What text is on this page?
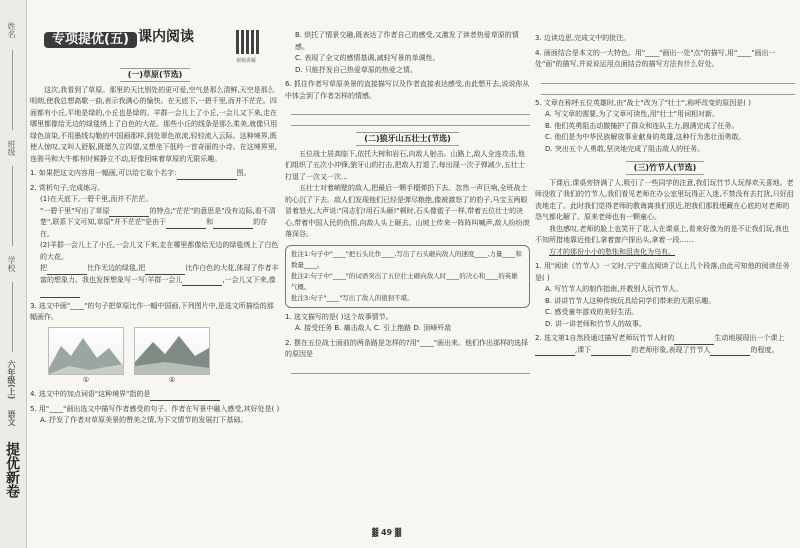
姓名
班级
学校
六年级(上)
语文
提优新卷
专项提优(五) 课内阅读
视频讲解
(一)草原(节选)

这次,我看到了草原。那里的天比别处的更可爱,空气是那么清鲜,天空是那么明朗,使我总想高歌一曲,表示我满心的愉快。在天底下,一碧千里,而并不茫茫。四面都有小丘,平地是绿的,小丘也是绿的。羊群一会儿上了小丘,一会儿又下来,走在哪里都像给无边的绿毯绣上了白色的大花。那些小丘的线条是那么柔美,就像只用绿色渲染,不用墨线勾勒的中国画那样,到处翠色欲流,轻轻流入云际。这种境界,既使人惊叹,又叫人舒服,既愿久立四望,又想坐下低吟一首奇丽的小诗。在这境界里,连骏马和大牛都有时候静立不动,好像回味着草原的无限乐趣。

1. 如果把这文内容用一幅画,可以给它取个名字:	图。
2. 赏析句子,完成练习。
(1)在天底下,一碧千里,而并不茫茫。
"一碧千里"写出了草原	的特点;"茫茫"的意思是"没有边际,看不清楚",联系下文可知,草原"并不茫茫"是由于	和	的存在。
(2)羊群一会儿上了小丘,一会儿又下来,走在哪里都像给无边的绿毯绣上了白色的大花。
把	比作无边的绿毯,把	比作白色的大花,体现了作者丰富的想象力。我也发挥想象写一写:羊群一会儿	,一会儿又下来,像
3. 选文中画"____"的句子把草原比作一幅中国画,下列图片中,是选文所描绘的那幅画作。
①	②
4. 选文中的加点词语"这种境界"指的是
5. 用"____"画出选文中描写作者感受的句子。作者在写景中融入感受,其好处是( )
A. 抒发了作者对草原美景的赞美之情,为下文情节的发展打下基础。
B. 烘托了情景交融,既表达了作者自己的感受,又激发了读者热爱草原的情感。
C. 表现了全文的感情基调,减轻写景的单调性。
D. 只能抒发自己热爱草原的热爱之情。
6. 抓住作者写草原美景的直接描写以及作者直接表达感受,由此想开去,说说你从中体会到了作者怎样的情感。
(二)狼牙山五壮士(节选)

五位战士居高临下,依托大树和岩石,向敌人射击。山路上,敌人全连攻击,他们组织了五次小冲锋,狼牙山的打击,把敌人打退了,每出现一次子弹减少,五壮士打退了一次又一次...

五壮士对着峭壁的敌人,把最后一颗手榴弹扔下去。忽然一声巨响,全班战士的心沉了下去。敌人们发现他们已经是弹尽粮绝,像被激怒了的豹子,马宝玉两眼冒着怒火,大声说:"同志们!用石头砸!"顿时,石头像雹子一样,带着五位壮士的决心,带着中国人民的仇恨,向敌人头上砸去。山坡上传来一阵阵叫喊声,敌人纷纷滚落深谷。

批注1:句子中"____"把石头比作____,写出了石头砸向敌人的速度____,力量____和数量____。
批注2:句子中"____"的词语突出了五位壮士砸向敌人时____的决心和____的英雄气概。
批注3:句子"____"写出了敌人的狼狈不堪。
1. 选文描写的是( )这个故事情节。
A. 接受任务 B. 痛击敌人 C. 引上绝路 D. 顶峰歼敌
2. 摆在五位战士面前的两条路是怎样的?用"____"画出来。他们作出那样的选择的原因是
3. 边读边思,完成文中的批注。
4. 画面结合是本文的一大特色。用"____"画出一处"点"的描写,用"____"画出一处"面"的描写,并说说运用点面结合的描写方法有什么好处。
5. 文章在称呼五位英雄时,由"战士"改为了"壮士",称呼改变的原因是( )
A. 写文章的需要,为了文章可读性,用"壮士"用词相对新。
B. 他们英勇阻击动撤掩护了群众和连队主力,圆满完成了任务。
C. 他们是为中华民族解放事业献身的英雄,这种行为悲壮而勇敢。
D. 突出五个人勇敢,坚决地完成了阻击敌人的任务。
(三)竹节人(节选)

下课后,课桌旁挤满了人,吸引了一些同学的注意,我们玩竹节人玩得欢天喜地。老师没收了我们的竹节人,我们看见老师在办公室里玩得正入迷,不禁没有去打扰,只好沮丧地走了。此时我们觉得老师的教诲离我们很近,把我们那股埋藏在心底的对老师的怨气都化解了。原来老师也有一颗童心。

我也感叹,老师的脸上也笑开了花,人在课桌上,看来好像为的是不让我们玩,我也不知所措地靠近他们,拿着窗户探出头,拿着一段……

方才的那份小小的愁怅和沮丧化为乌有。

1. 用"阅读《竹节人》一文时,宁宁重点阅读了以上几个段落,由此可知他的阅读任务是( )
A. 写竹节人的制作指南,并教别人玩竹节人。
B. 讲讲竹节人这种传统玩具给同学们带来的无限乐趣。
C. 感受童年游戏的美好生活。
D. 讲一讲老师和竹节人的故事。
2. 选文第1自然段通过描写老师玩竹节人时的	生动地展现出一个课上,课下	的老师形象,表现了竹节人	的程度。
▓ 49 ▓
